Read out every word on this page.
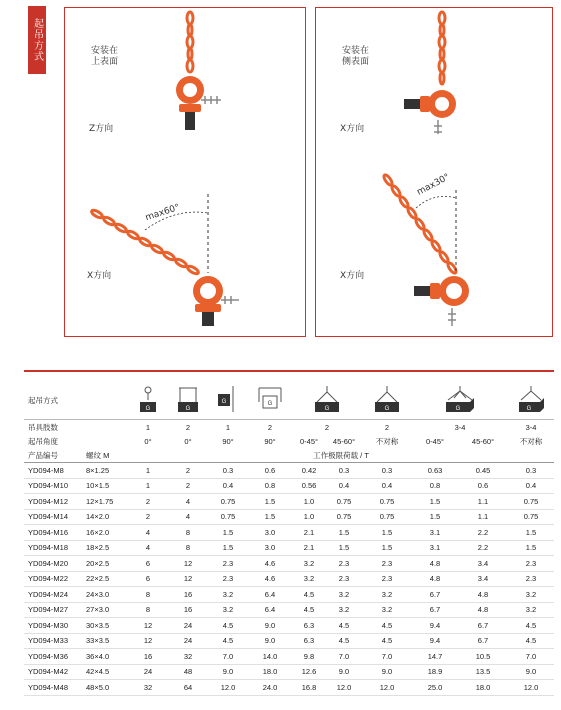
起吊方式	安装在
上表面
Z方向
max60°
X方向
安装在
侧表面
X方向
max30°
X方向
起吊方式		G	G	G	G	G		G	G		G

吊具肢数		1	2	1	2	2		2	3-4		3-4
起吊角度		0°	0°	90°	90°	0-45°	45-60°	不对称	0-45°	45-60°	不对称
产品编号	螺纹 M	工作极限荷载 / T									
YD094-M8	8×1.25	1	2	0.3	0.6	0.42	0.3	0.3	0.63	0.45	0.3
YD094-M10	10×1.5	1	2	0.4	0.8	0.56	0.4	0.4	0.8	0.6	0.4
YD094-M12	12×1.75	2	4	0.75	1.5	1.0	0.75	0.75	1.5	1.1	0.75
YD094-M14	14×2.0	2	4	0.75	1.5	1.0	0.75	0.75	1.5	1.1	0.75
YD094-M16	16×2.0	4	8	1.5	3.0	2.1	1.5	1.5	3.1	2.2	1.5
YD094-M18	18×2.5	4	8	1.5	3.0	2.1	1.5	1.5	3.1	2.2	1.5
YD094-M20	20×2.5	6	12	2.3	4.6	3.2	2.3	2.3	4.8	3.4	2.3
YD094-M22	22×2.5	6	12	2.3	4.6	3.2	2.3	2.3	4.8	3.4	2.3
YD094-M24	24×3.0	8	16	3.2	6.4	4.5	3.2	3.2	6.7	4.8	3.2
YD094-M27	27×3.0	8	16	3.2	6.4	4.5	3.2	3.2	6.7	4.8	3.2
YD094-M30	30×3.5	12	24	4.5	9.0	6.3	4.5	4.5	9.4	6.7	4.5
YD094-M33	33×3.5	12	24	4.5	9.0	6.3	4.5	4.5	9.4	6.7	4.5
YD094-M36	36×4.0	16	32	7.0	14.0	9.8	7.0	7.0	14.7	10.5	7.0
YD094-M42	42×4.5	24	48	9.0	18.0	12.6	9.0	9.0	18.9	13.5	9.0
YD094-M48	48×5.0	32	64	12.0	24.0	16.8	12.0	12.0	25.0	18.0	12.0
